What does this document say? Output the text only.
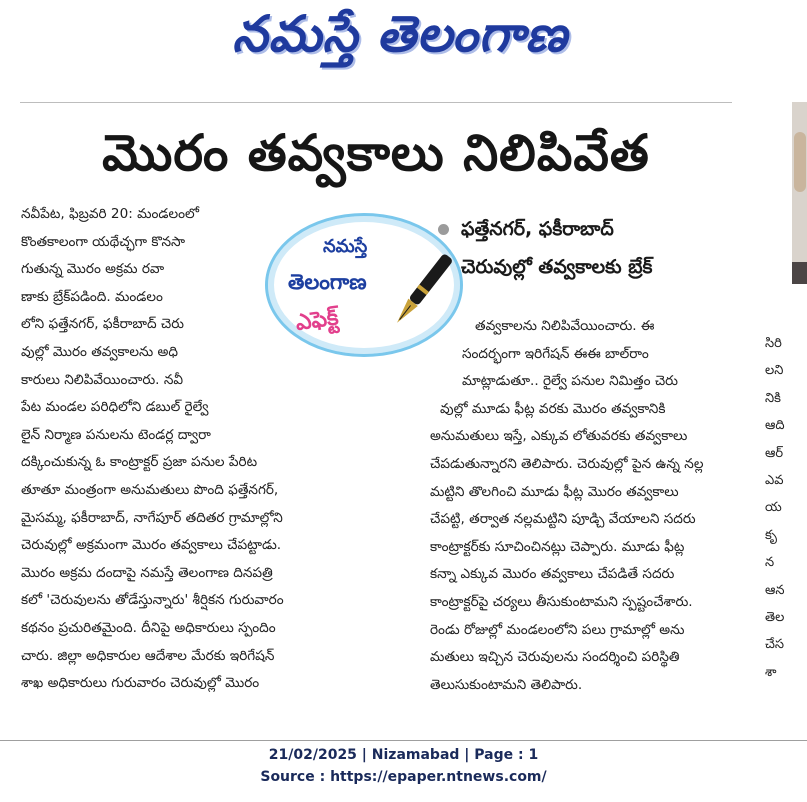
నమస్తే తెలంగాణ
మొరం తవ్వకాలు నిలిపివేత
నవీపేట, ఫిబ్రవరి 20: మండలంలో
కొంతకాలంగా యథేచ్ఛగా కొనసా
గుతున్న మొరం అక్రమ రవా
ణాకు బ్రేక్‌పడింది. మండలం
లోని ఫత్తేనగర్, ఫకీరాబాద్ చెరు
వుల్లో మొరం తవ్వకాలను అధి
కారులు నిలిపివేయించారు. నవీ
పేట మండల పరిధిలోని డబుల్ రైల్వే
లైన్ నిర్మాణ పనులను టెండర్ల ద్వారా
దక్కించుకున్న ఓ కాంట్రాక్టర్ ప్రజా పనుల పేరిట
తూతూ మంత్రంగా అనుమతులు పొంది ఫత్తేనగర్,
మైసమ్మ, ఫకీరాబాద్, నాగేపూర్ తదితర గ్రామాల్లోని
చెరువుల్లో అక్రమంగా మొరం తవ్వకాలు చేపట్టాడు.
మొరం అక్రమ దందాపై నమస్తే తెలంగాణ దినపత్రి
కలో 'చెరువులను తోడేస్తున్నారు' శీర్షికన గురువారం
కథనం ప్రచురితమైంది. దీనిపై అధికారులు స్పందిం
చారు. జిల్లా అధికారుల ఆదేశాల మేరకు ఇరిగేషన్
శాఖ అధికారులు గురువారం చెరువుల్లో మొరం
నమస్తే
తెలంగాణ
ఎఫెక్ట్
ఫత్తేనగర్, ఫకీరాబాద్
చెరువుల్లో తవ్వకాలకు బ్రేక్
తవ్వకాలను నిలిపివేయించారు. ఈ
సందర్భంగా ఇరిగేషన్ ఈఈ బాల్‌రాం
మాట్లాడుతూ.. రైల్వే పనుల నిమిత్తం చెరు
వుల్లో మూడు ఫీట్ల వరకు మొరం తవ్వకానికి
అనుమతులు ఇస్తే, ఎక్కువ లోతువరకు తవ్వకాలు
చేపడుతున్నారని తెలిపారు. చెరువుల్లో పైన ఉన్న నల్ల
మట్టిని తొలగించి మూడు ఫీట్ల మొరం తవ్వకాలు
చేపట్టి, తర్వాత నల్లమట్టిని పూడ్చి వేయాలని సదరు
కాంట్రాక్టర్‌కు సూచించినట్లు చెప్పారు. మూడు ఫీట్ల
కన్నా ఎక్కువ మొరం తవ్వకాలు చేపడితే సదరు
కాంట్రాక్టర్‌పై చర్యలు తీసుకుంటామని స్పష్టంచేశారు.
రెండు రోజుల్లో మండలంలోని పలు గ్రామాల్లో అను
మతులు ఇచ్చిన చెరువులను సందర్శించి పరిస్థితి
తెలుసుకుంటామని తెలిపారు.
సిరి
లని
నికి
ఆది
ఆర్
ఎవ
య
కృ
న
ఆన
తెల
చేస
శా
21/02/2025 | Nizamabad | Page : 1
Source : https://epaper.ntnews.com/
